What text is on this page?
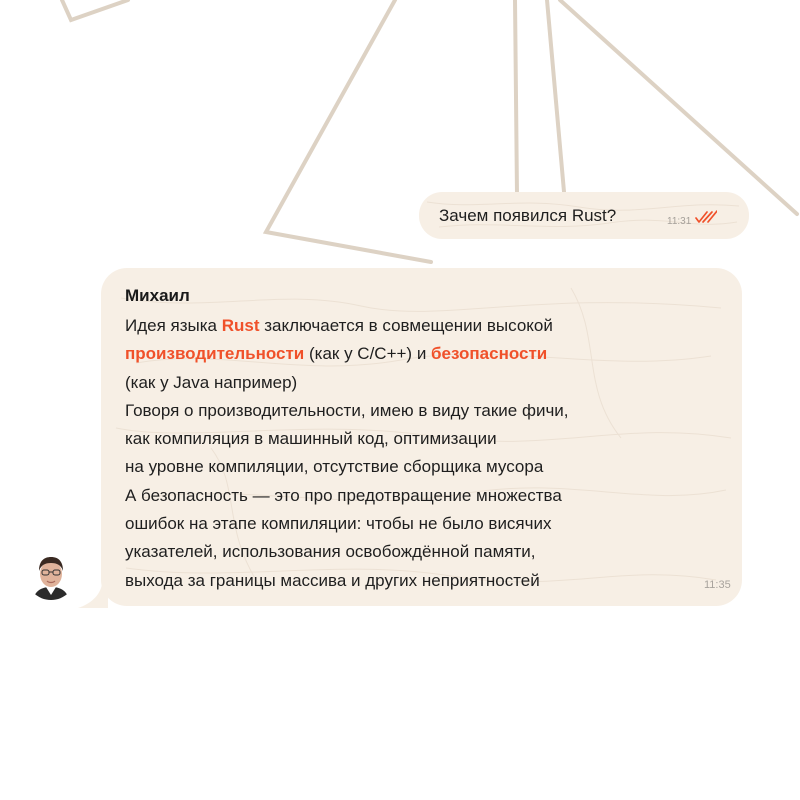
Зачем появился Rust?	11:31
Михаил
Идея языка Rust заключается в совмещении высокой
производительности (как у C/C++) и безопасности
(как у Java например)
Говоря о производительности, имею в виду такие фичи,
как компиляция в машинный код, оптимизации
на уровне компиляции, отсутствие сборщика мусора
А безопасность — это про предотвращение множества
ошибок на этапе компиляции: чтобы не было висячих
указателей, использования освобождённой памяти,
выхода за границы массива и других неприятностей	11:35
